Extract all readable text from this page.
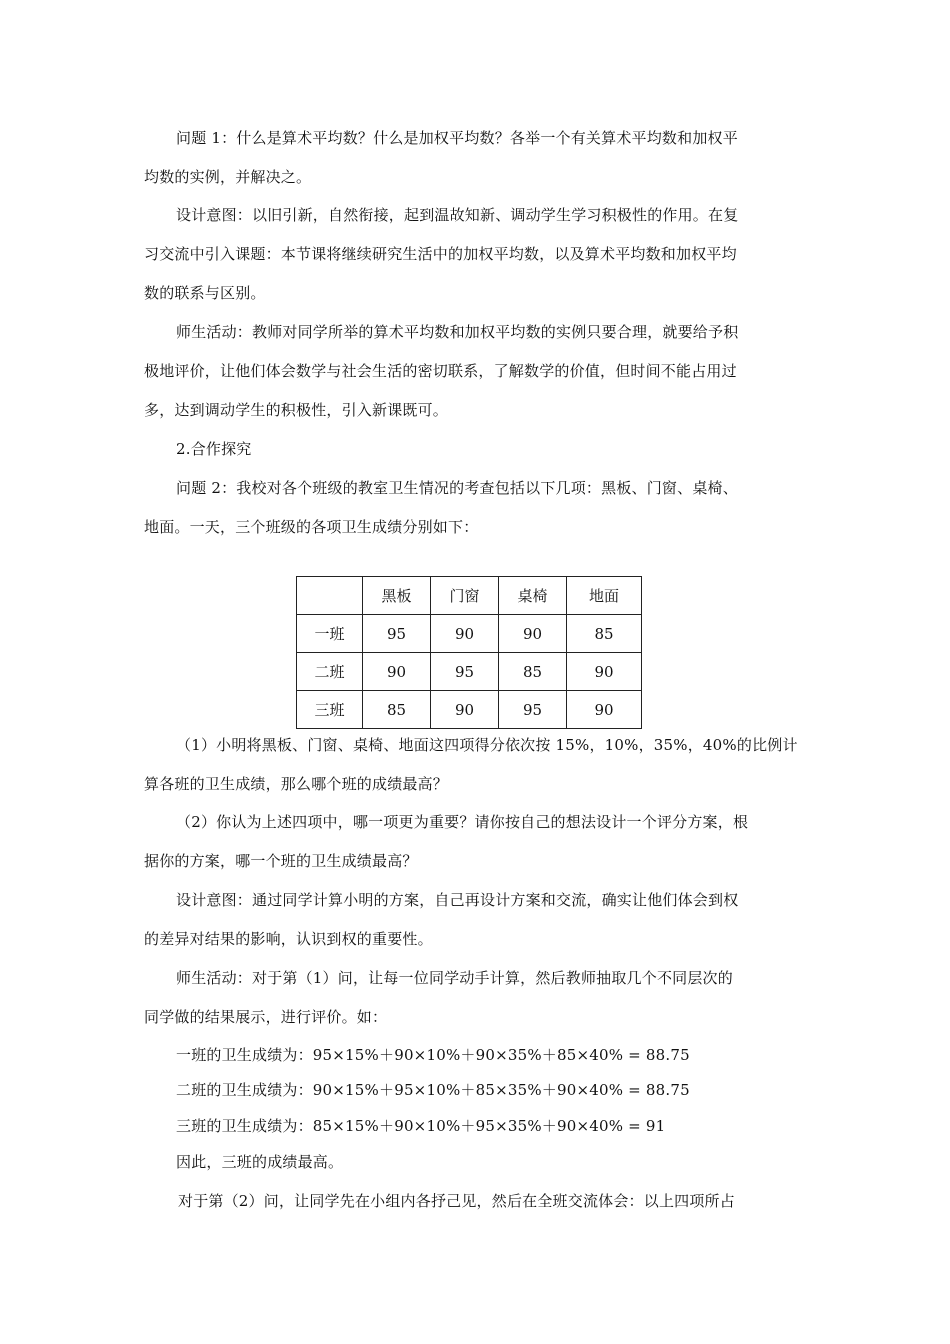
问题 1：什么是算术平均数？什么是加权平均数？各举一个有关算术平均数和加权平
均数的实例，并解决之。
设计意图：以旧引新，自然衔接，起到温故知新、调动学生学习积极性的作用。在复
习交流中引入课题：本节课将继续研究生活中的加权平均数，以及算术平均数和加权平均
数的联系与区别。
师生活动：教师对同学所举的算术平均数和加权平均数的实例只要合理，就要给予积
极地评价，让他们体会数学与社会生活的密切联系，了解数学的价值，但时间不能占用过
多，达到调动学生的积极性，引入新课既可。
2.合作探究
问题 2：我校对各个班级的教室卫生情况的考查包括以下几项：黑板、门窗、桌椅、
地面。一天，三个班级的各项卫生成绩分别如下：
	黑板	门窗	桌椅	地面
一班	95	90	90	85
二班	90	95	85	90
三班	85	90	95	90
（1）小明将黑板、门窗、桌椅、地面这四项得分依次按 15%，10%，35%，40%的比例计
算各班的卫生成绩，那么哪个班的成绩最高？
（2）你认为上述四项中，哪一项更为重要？请你按自己的想法设计一个评分方案，根
据你的方案，哪一个班的卫生成绩最高？
设计意图：通过同学计算小明的方案，自己再设计方案和交流，确实让他们体会到权
的差异对结果的影响，认识到权的重要性。
师生活动：对于第（1）问，让每一位同学动手计算，然后教师抽取几个不同层次的
同学做的结果展示，进行评价。如：
一班的卫生成绩为：95×15%＋90×10%＋90×35%＋85×40% = 88.75
二班的卫生成绩为：90×15%＋95×10%＋85×35%＋90×40% = 88.75
三班的卫生成绩为：85×15%＋90×10%＋95×35%＋90×40% = 91
因此，三班的成绩最高。
对于第（2）问，让同学先在小组内各抒己见，然后在全班交流体会：以上四项所占
